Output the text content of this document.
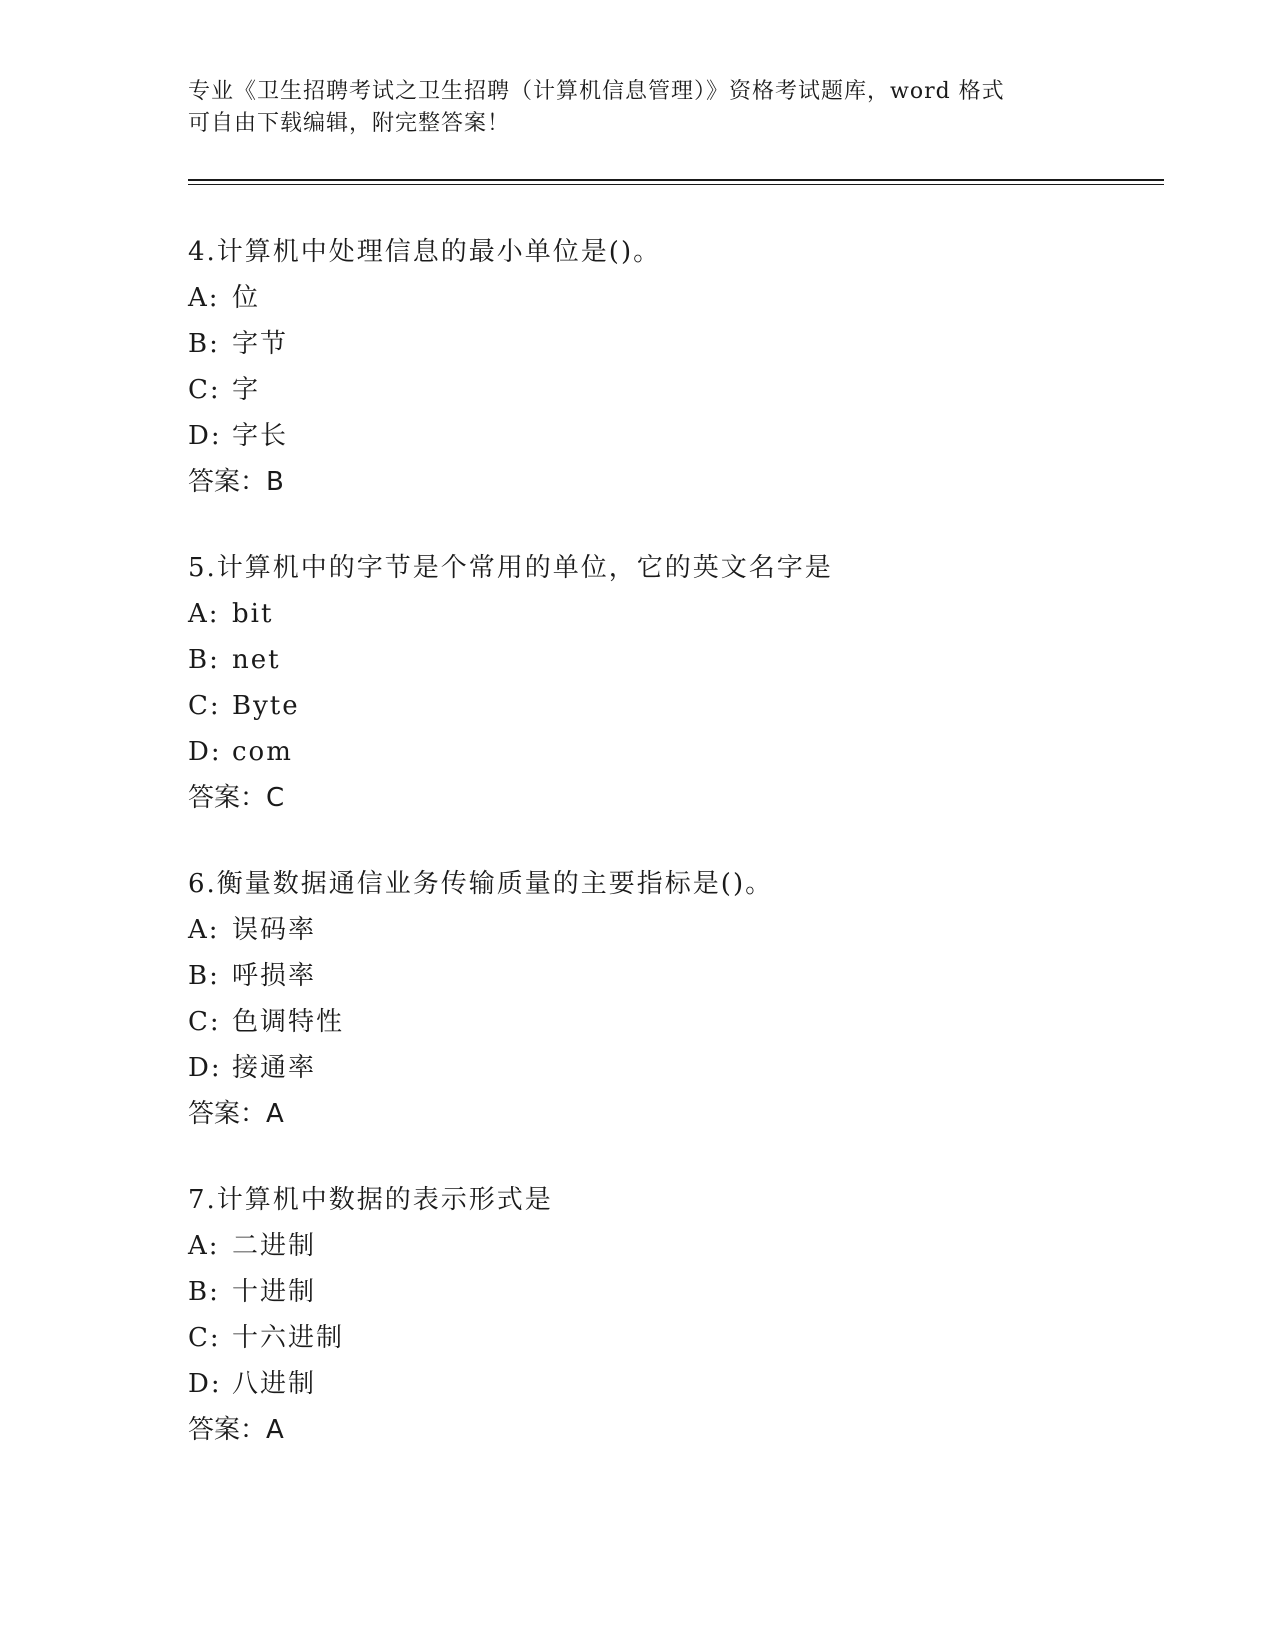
专业《卫生招聘考试之卫生招聘（计算机信息管理）》资格考试题库，word 格式
可自由下载编辑，附完整答案！
4.计算机中处理信息的最小单位是()。
A: 位
B: 字节
C: 字
D: 字长
答案：B
5.计算机中的字节是个常用的单位，它的英文名字是
A: bit
B: net
C: Byte
D: com
答案：C
6.衡量数据通信业务传输质量的主要指标是()。
A: 误码率
B: 呼损率
C: 色调特性
D: 接通率
答案：A
7.计算机中数据的表示形式是
A: 二进制
B: 十进制
C: 十六进制
D: 八进制
答案：A
